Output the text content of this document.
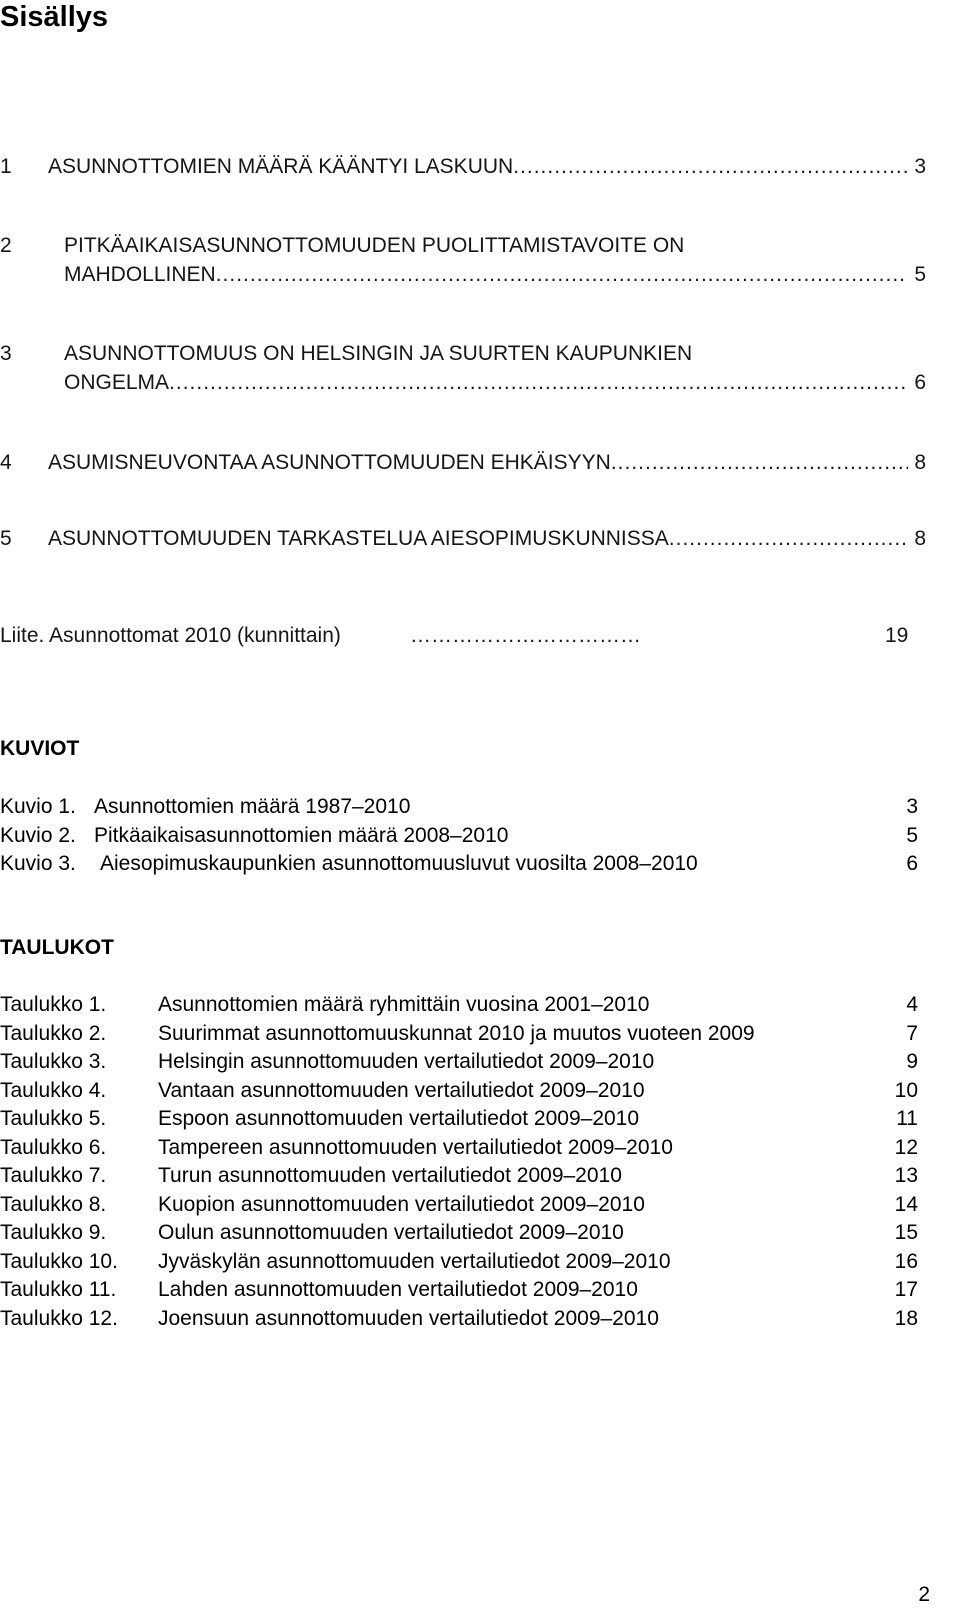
Sisällys
1 ASUNNOTTOMIEN MÄÄRÄ KÄÄNTYI LASKUUN .....	3
2 PITKÄAIKAISASUNNOTTOMUUDEN PUOLITTAMISTAVOITE ON
MAHDOLLINEN .....	5
3 ASUNNOTTOMUUS ON HELSINGIN JA SUURTEN KAUPUNKIEN
ONGELMA .....	6
4 ASUMISNEUVONTAA ASUNNOTTOMUUDEN EHKÄISYYN .....	8
5 ASUNNOTTOMUUDEN TARKASTELUA AIESOPIMUSKUNNISSA .....	8
Liite. Asunnottomat 2010 (kunnittain)	……………………………	19
KUVIOT
Kuvio 1. Asunnottomien määrä 1987–2010	3
Kuvio 2. Pitkäaikaisasunnottomien määrä 2008–2010	5
Kuvio 3. Aiesopimuskaupunkien asunnottomuusluvut vuosilta 2008–2010	6
TAULUKOT
Taulukko 1. Asunnottomien määrä ryhmittäin vuosina 2001–2010	4
Taulukko 2. Suurimmat asunnottomuuskunnat 2010 ja muutos vuoteen 2009	7
Taulukko 3. Helsingin asunnottomuuden vertailutiedot 2009–2010	9
Taulukko 4. Vantaan asunnottomuuden vertailutiedot 2009–2010	10
Taulukko 5. Espoon asunnottomuuden vertailutiedot 2009–2010	11
Taulukko 6. Tampereen asunnottomuuden vertailutiedot 2009–2010	12
Taulukko 7. Turun asunnottomuuden vertailutiedot 2009–2010	13
Taulukko 8. Kuopion asunnottomuuden vertailutiedot 2009–2010	14
Taulukko 9. Oulun asunnottomuuden vertailutiedot 2009–2010	15
Taulukko 10. Jyväskylän asunnottomuuden vertailutiedot 2009–2010	16
Taulukko 11. Lahden asunnottomuuden vertailutiedot 2009–2010	17
Taulukko 12. Joensuun asunnottomuuden vertailutiedot 2009–2010	18
2
